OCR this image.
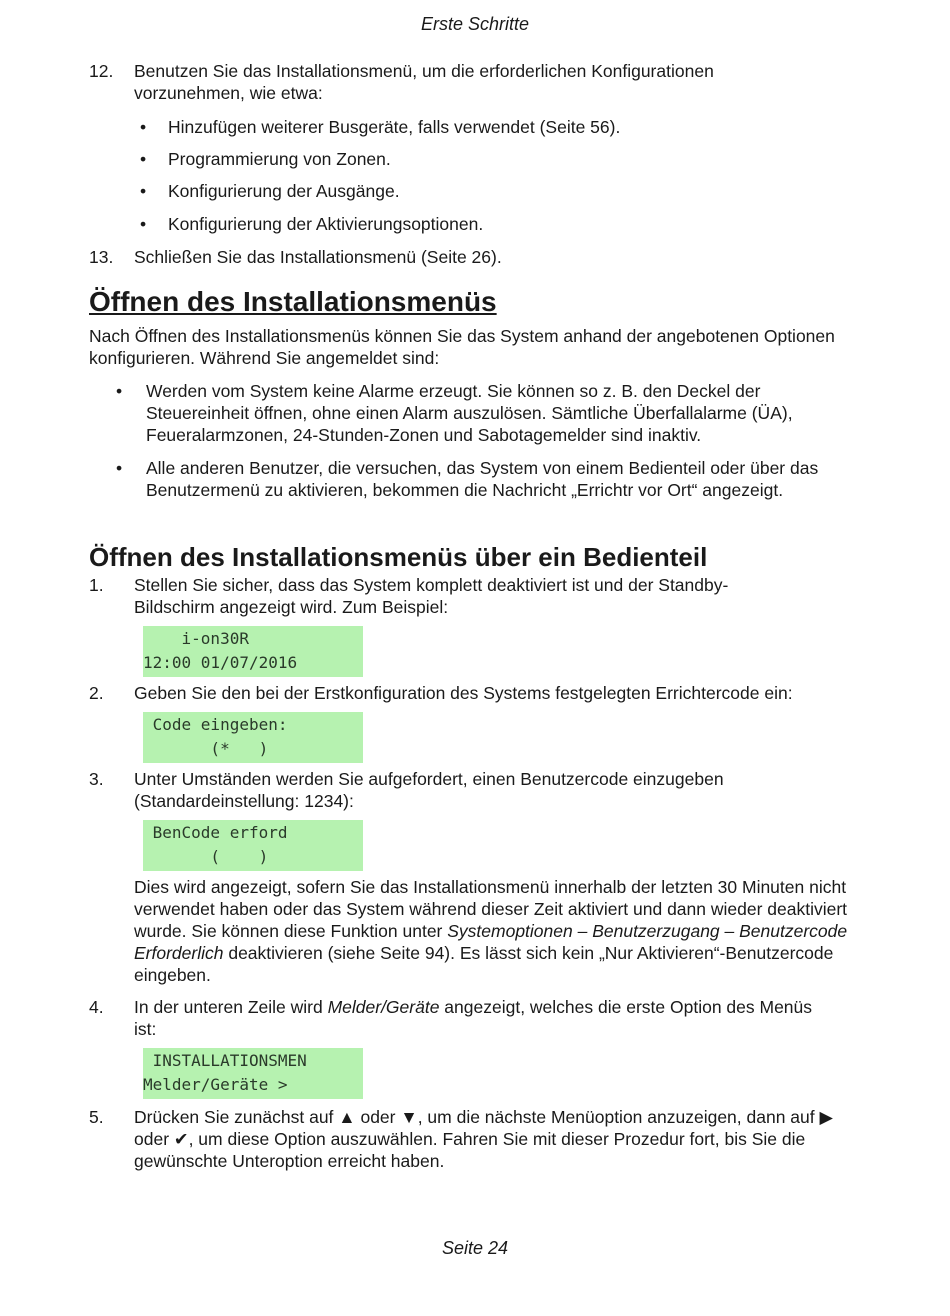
Erste Schritte
12.	Benutzen Sie das Installationsmenü, um die erforderlichen Konfigurationen vorzunehmen, wie etwa:
• Hinzufügen weiterer Busgeräte, falls verwendet (Seite 56).
• Programmierung von Zonen.
• Konfigurierung der Ausgänge.
• Konfigurierung der Aktivierungsoptionen.
13.	Schließen Sie das Installationsmenü (Seite 26).
Öffnen des Installationsmenüs
Nach Öffnen des Installationsmenüs können Sie das System anhand der angebotenen Optionen konfigurieren. Während Sie angemeldet sind:
• Werden vom System keine Alarme erzeugt. Sie können so z. B. den Deckel der Steuereinheit öffnen, ohne einen Alarm auszulösen. Sämtliche Überfallalarme (ÜA), Feueralarmzonen, 24-Stunden-Zonen und Sabotagemelder sind inaktiv.
• Alle anderen Benutzer, die versuchen, das System von einem Bedienteil oder über das Benutzermenü zu aktivieren, bekommen die Nachricht „Errichtr vor Ort“ angezeigt.
Öffnen des Installationsmenüs über ein Bedienteil
1.	Stellen Sie sicher, dass das System komplett deaktiviert ist und der Standby-Bildschirm angezeigt wird. Zum Beispiel:
i-on30R
12:00 01/07/2016
2.	Geben Sie den bei der Erstkonfiguration des Systems festgelegten Errichtercode ein:
Code eingeben:
(*   )
3.	Unter Umständen werden Sie aufgefordert, einen Benutzercode einzugeben (Standardeinstellung: 1234):
BenCode erford
(    )
Dies wird angezeigt, sofern Sie das Installationsmenü innerhalb der letzten 30 Minuten nicht verwendet haben oder das System während dieser Zeit aktiviert und dann wieder deaktiviert wurde. Sie können diese Funktion unter Systemoptionen – Benutzerzugang – Benutzercode Erforderlich deaktivieren (siehe Seite 94). Es lässt sich kein „Nur Aktivieren“-Benutzercode eingeben.
4.	In der unteren Zeile wird Melder/Geräte angezeigt, welches die erste Option des Menüs ist:
INSTALLATIONSMEN
Melder/Geräte >
5.	Drücken Sie zunächst auf ▲ oder ▼, um die nächste Menüoption anzuzeigen, dann auf ▶ oder ✔, um diese Option auszuwählen. Fahren Sie mit dieser Prozedur fort, bis Sie die gewünschte Unteroption erreicht haben.
Seite 24
